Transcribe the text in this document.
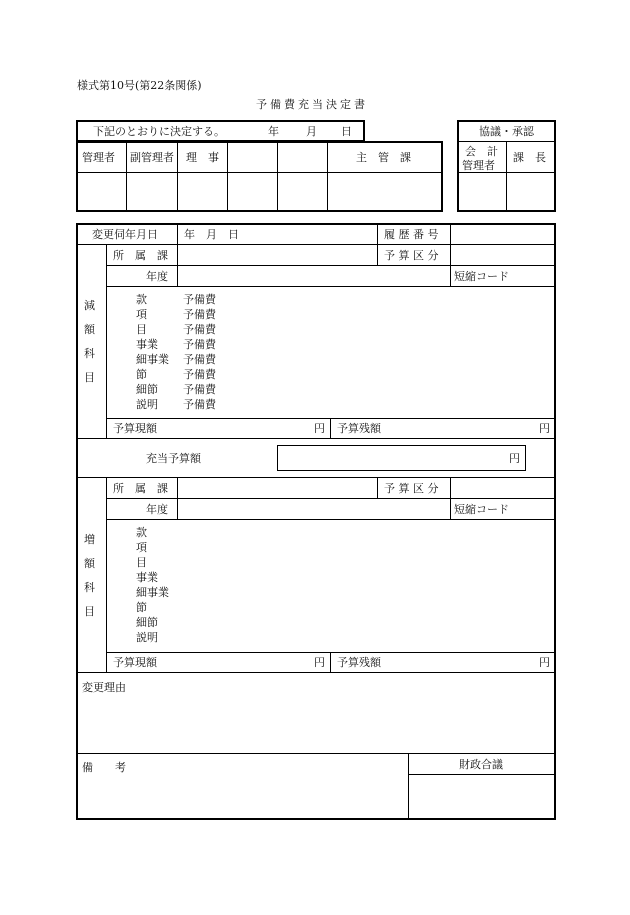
様式第10号(第22条関係)
予備費充当決定書
下記のとおりに決定する。	年 月 日
管理者 副管理者 理　事	主　管　課
協議・承認
会　計
管理者
課　長
変更伺年月日 年　月　日	履 歴 番 号
減
額
科
目
所　属　課	予 算 区 分
年度	短縮コード
款	予備費
項	予備費
目	予備費
事業 予備費
細事業 予備費
節	予備費
細節 予備費
説明 予備費
予算現額	円 予算残額	円
充当予算額	円
増
額
科
目
所　属　課	予 算 区 分
年度	短縮コード
款
項
目
事業
細事業
節
細節
説明
予算現額	円 予算残額	円
変更理由
備　　考	財政合議
